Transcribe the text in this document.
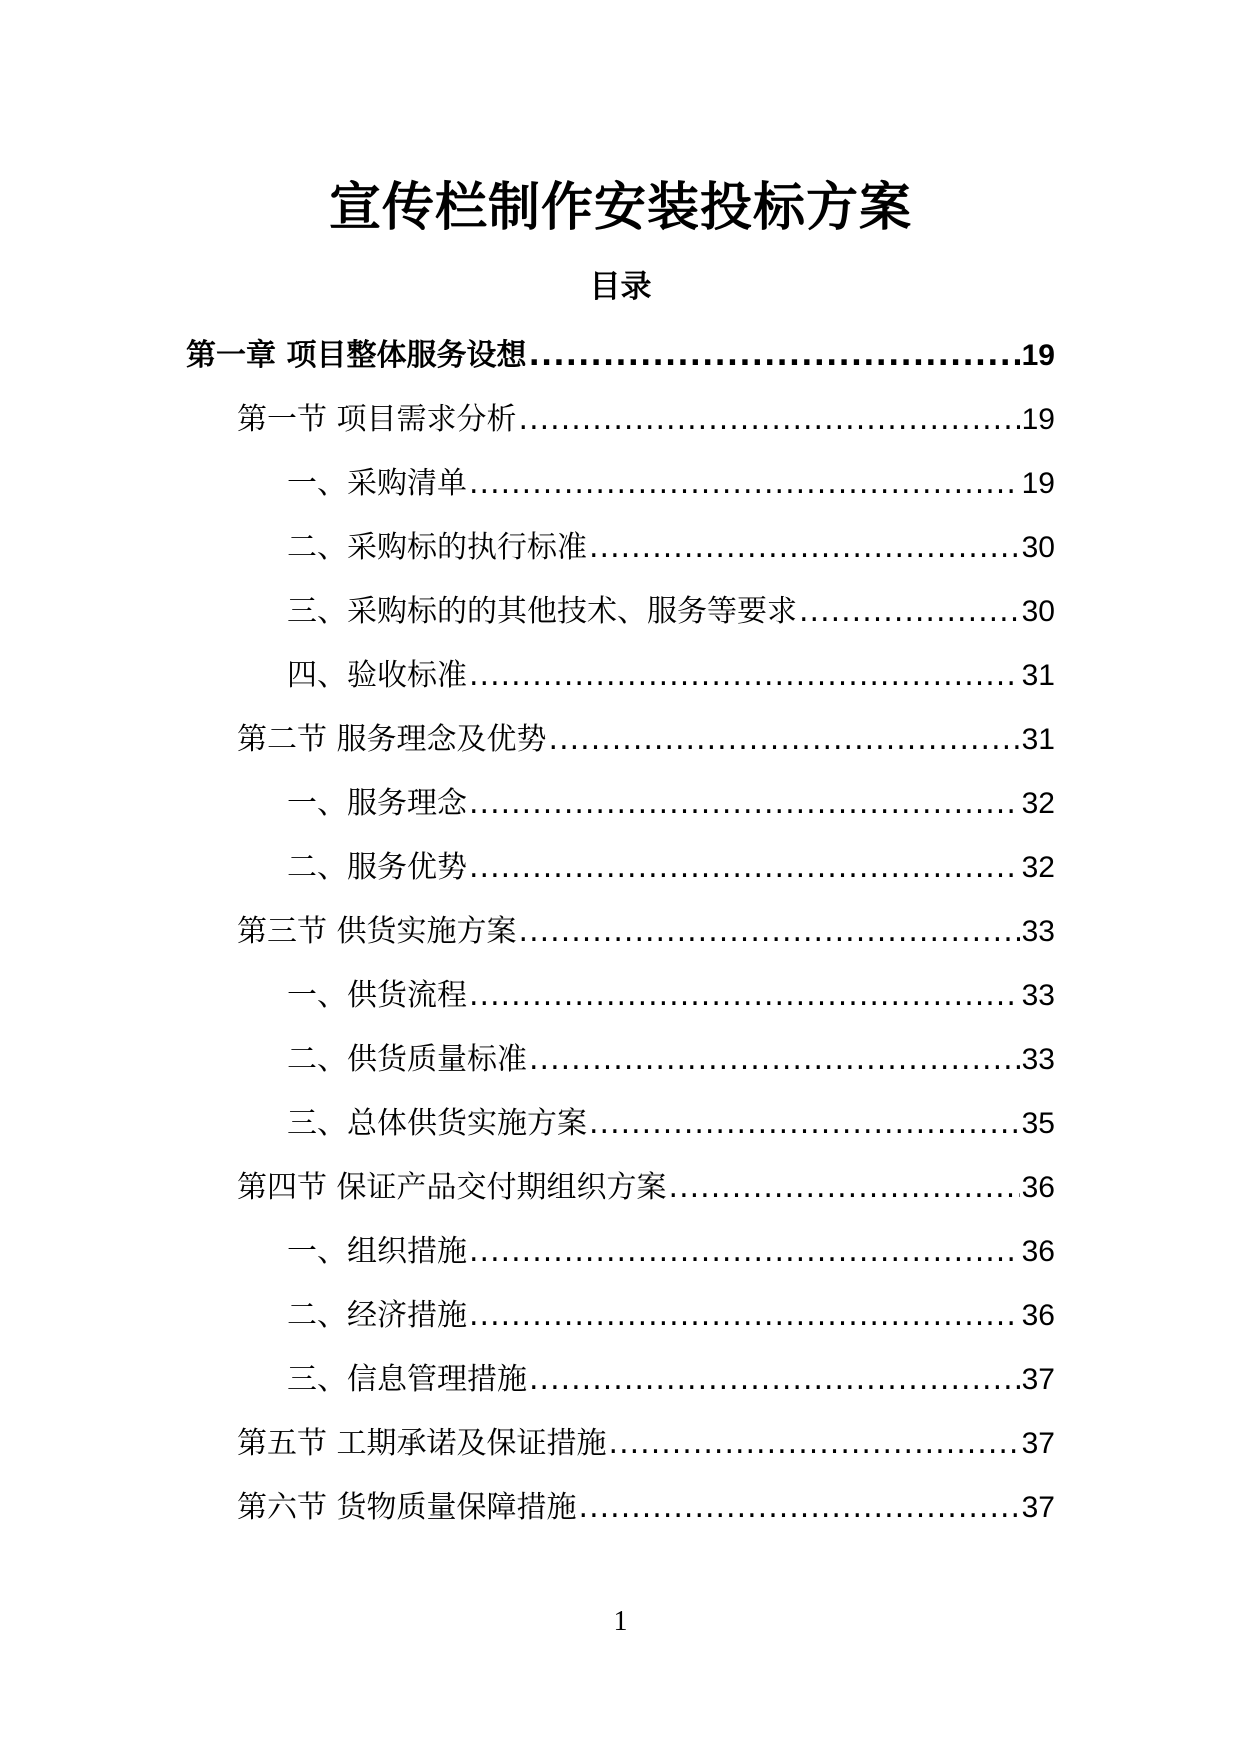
宣传栏制作安装投标方案
目录
第一章 项目整体服务设想 .....	19
第一节 项目需求分析 .....	19
一、采购清单 .....	19
二、采购标的执行标准 .....	30
三、采购标的的其他技术、服务等要求 .....	30
四、验收标准 .....	31
第二节 服务理念及优势 .....	31
一、服务理念 .....	32
二、服务优势 .....	32
第三节 供货实施方案 .....	33
一、供货流程 .....	33
二、供货质量标准 .....	33
三、总体供货实施方案 .....	35
第四节 保证产品交付期组织方案 .....	36
一、组织措施 .....	36
二、经济措施 .....	36
三、信息管理措施 .....	37
第五节 工期承诺及保证措施 .....	37
第六节 货物质量保障措施 .....	37
1
